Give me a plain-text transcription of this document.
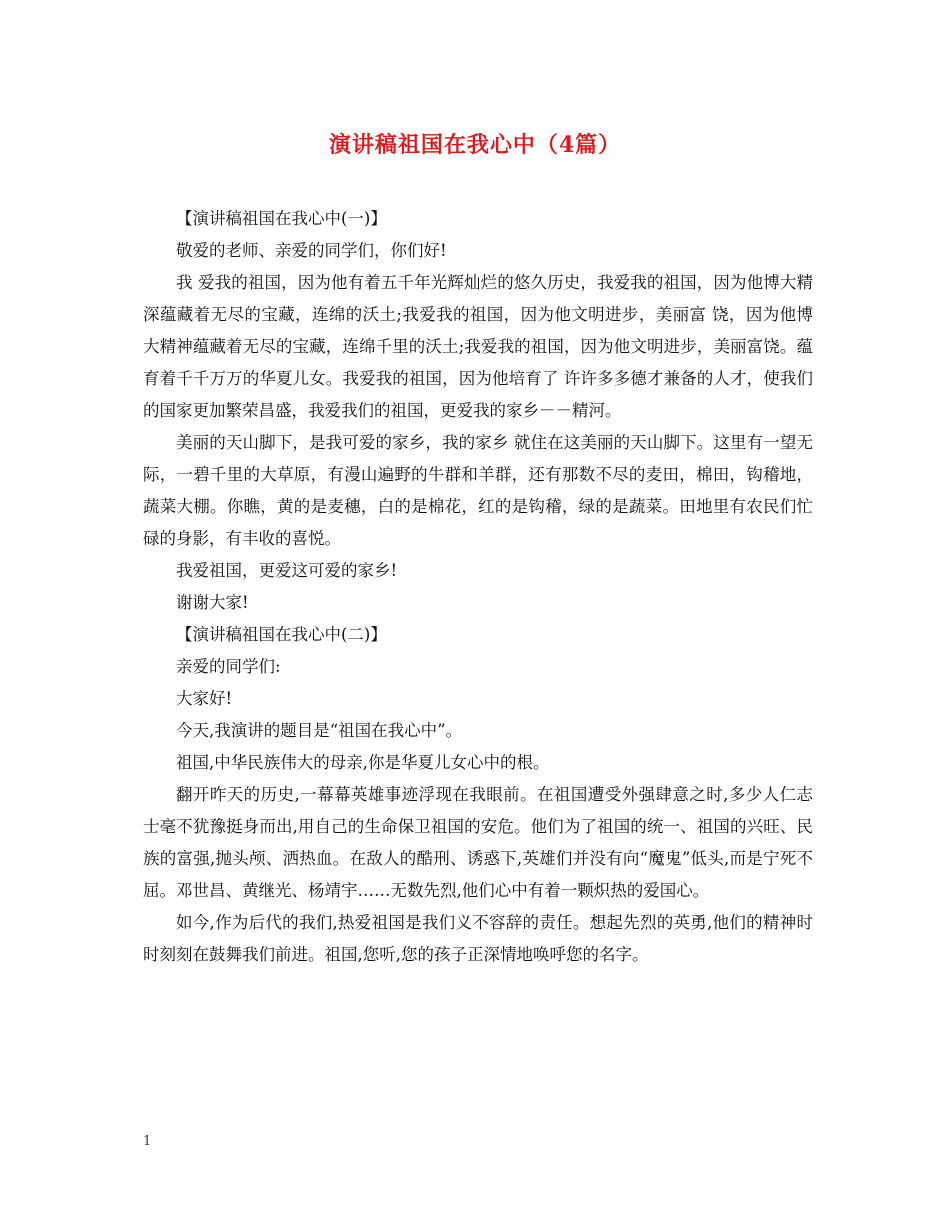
演讲稿祖国在我心中（4篇）

【演讲稿祖国在我心中(一)】

敬爱的老师、亲爱的同学们，你们好!

我 爱我的祖国，因为他有着五千年光辉灿烂的悠久历史，我爱我的祖国，因为他博大精深蕴藏着无尽的宝藏，连绵的沃土;我爱我的祖国，因为他文明进步，美丽富 饶，因为他博大精神蕴藏着无尽的宝藏，连绵千里的沃土;我爱我的祖国，因为他文明进步，美丽富饶。蕴育着千千万万的华夏儿女。我爱我的祖国，因为他培育了 许许多多德才兼备的人才，使我们的国家更加繁荣昌盛，我爱我们的祖国，更爱我的家乡－－精河。

美丽的天山脚下，是我可爱的家乡，我的家乡 就住在这美丽的天山脚下。这里有一望无际，一碧千里的大草原，有漫山遍野的牛群和羊群，还有那数不尽的麦田，棉田，钩稽地，蔬菜大棚。你瞧，黄的是麦穗，白的是棉花，红的是钩稽，绿的是蔬菜。田地里有农民们忙碌的身影，有丰收的喜悦。

我爱祖国，更爱这可爱的家乡!

谢谢大家!

【演讲稿祖国在我心中(二)】

亲爱的同学们:

大家好!

今天,我演讲的题目是“祖国在我心中”。

祖国,中华民族伟大的母亲,你是华夏儿女心中的根。

翻开昨天的历史,一幕幕英雄事迹浮现在我眼前。在祖国遭受外强肆意之时,多少人仁志士毫不犹豫挺身而出,用自己的生命保卫祖国的安危。他们为了祖国的统一、祖国的兴旺、民族的富强,抛头颅、洒热血。在敌人的酷刑、诱惑下,英雄们并没有向“魔鬼”低头,而是宁死不屈。邓世昌、黄继光、杨靖宇……无数先烈,他们心中有着一颗炽热的爱国心。

如今,作为后代的我们,热爱祖国是我们义不容辞的责任。想起先烈的英勇,他们的精神时时刻刻在鼓舞我们前进。祖国,您听,您的孩子正深情地唤呼您的名字。

1
